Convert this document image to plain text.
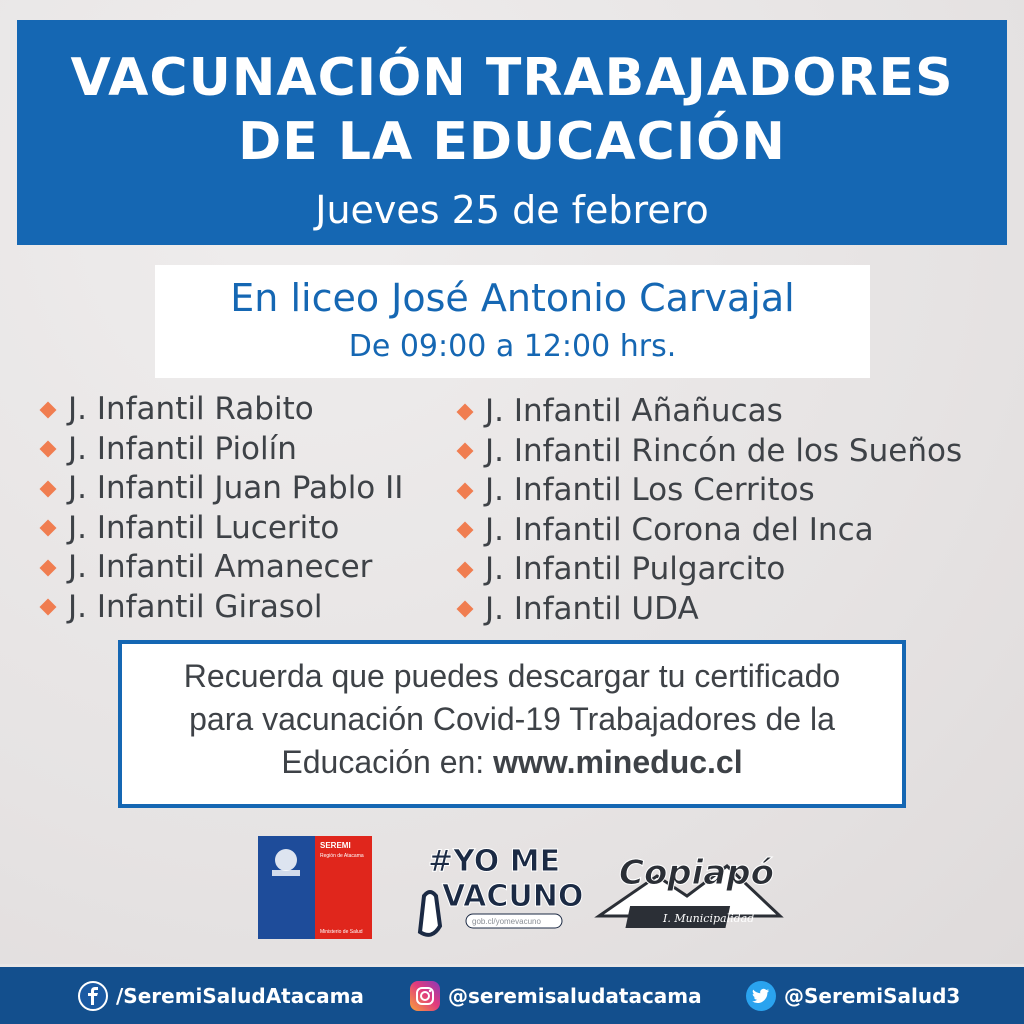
VACUNACIÓN TRABAJADORES
DE LA EDUCACIÓN
Jueves 25 de febrero
En liceo José Antonio Carvajal
De 09:00 a 12:00 hrs.
J. Infantil Rabito
J. Infantil Piolín
J. Infantil Juan Pablo II
J. Infantil Lucerito
J. Infantil Amanecer
J. Infantil Girasol
J. Infantil Añañucas
J. Infantil Rincón de los Sueños
J. Infantil Los Cerritos
J. Infantil Corona del Inca
J. Infantil Pulgarcito
J. Infantil UDA
Recuerda que puedes descargar tu certificado
para vacunación Covid-19 Trabajadores de la
Educación en: www.mineduc.cl
SEREMI
Región de Atacama
Ministerio de Salud
#YO ME
VACUNO
gob.cl/yomevacuno
Copiapó
I. Municipalidad
/SeremiSaludAtacama	@seremisaludatacama	@SeremiSalud3
